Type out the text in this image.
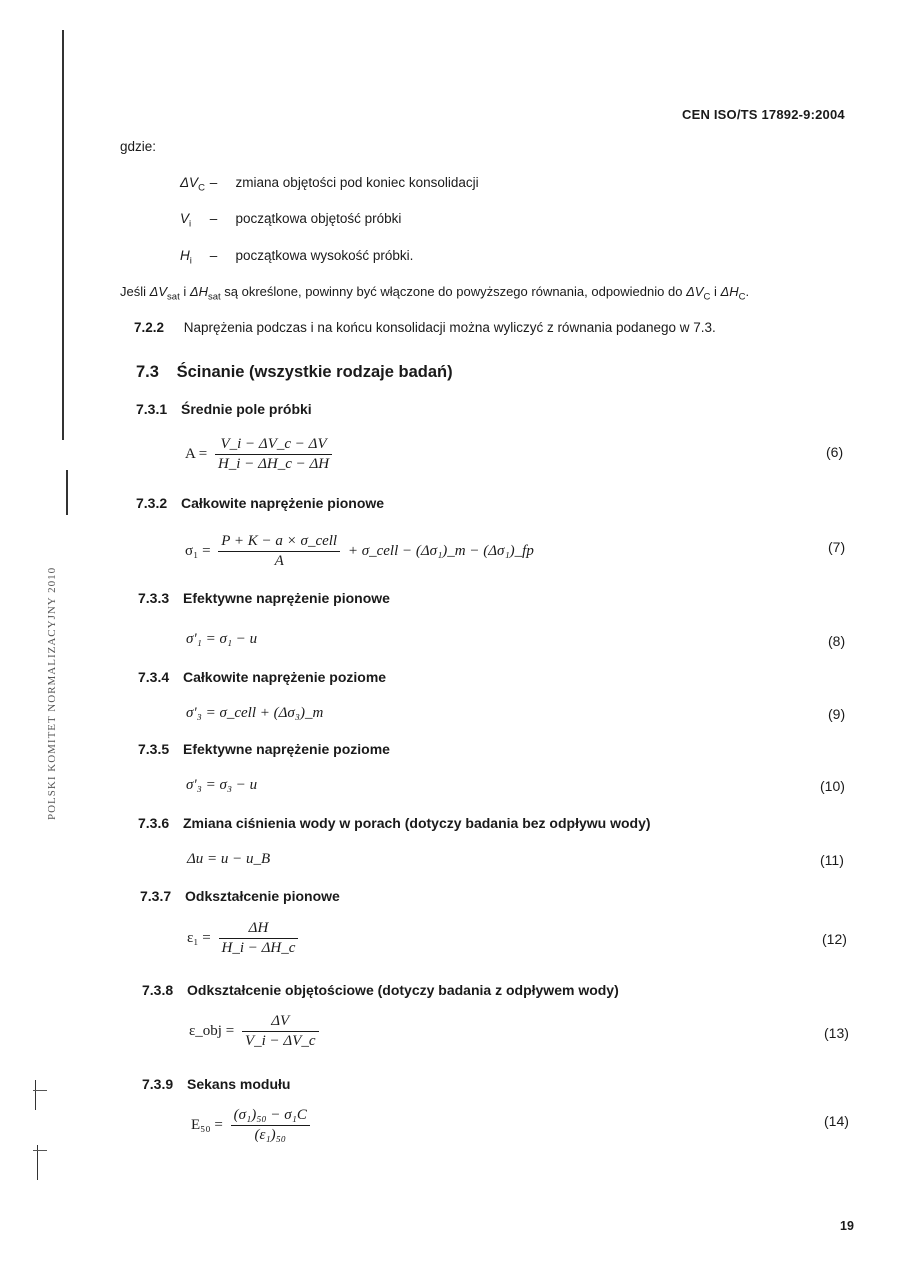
POLSKI KOMITET NORMALIZACYJNY 2010
CEN ISO/TS 17892-9:2004
gdzie:
$\Delta V_C$ – zmiana objętości pod koniec konsolidacji
$V_i$ – początkowa objętość próbki
$H_i$ – początkowa wysokość próbki.
Jeśli $\Delta V_{sat}$ i $\Delta H_{sat}$ są określone, powinny być włączone do powyższego równania, odpowiednio do $\Delta V_C$ i $\Delta H_C$.
7.2.2 Naprężenia podczas i na końcu konsolidacji można wyliczyć z równania podanego w 7.3.
7.3 Ścinanie (wszystkie rodzaje badań)
7.3.1 Średnie pole próbki
$A = \frac{V\_i - \Delta V\_c - \Delta V}{H\_i - \Delta H\_c - \Delta H}$	(6)
7.3.2 Całkowite naprężenie pionowe
$\sigma_1 = \frac{\text{P + K − a × σ\_cell}}{A}$ + σ_cell − (Δσ₁)_m − (Δσ₁)_fp	(7)
7.3.3 Efektywne naprężenie pionowe
σ'₁ = σ₁ − u	(8)
7.3.4 Całkowite naprężenie poziome
σ'₃ = σ_cell + (Δσ₃)_m	(9)
7.3.5 Efektywne naprężenie poziome
σ'₃ = σ₃ − u	(10)
7.3.6 Zmiana ciśnienia wody w porach (dotyczy badania bez odpływu wody)
Δu = u − u_B	(11)
7.3.7 Odkształcenie pionowe
$\varepsilon_1 = \frac{\Delta H}{H\_i - \Delta H\_c}$	(12)
7.3.8 Odkształcenie objętościowe (dotyczy badania z odpływem wody)
ε_obj = $\frac{\Delta V}{V\_i - \Delta V\_c}$	(13)
7.3.9 Sekans modułu
$E_{50} = \frac{\text{(σ₁)₅₀ − σ₁C}}{\text{(ε₁)₅₀}}$	(14)
19
